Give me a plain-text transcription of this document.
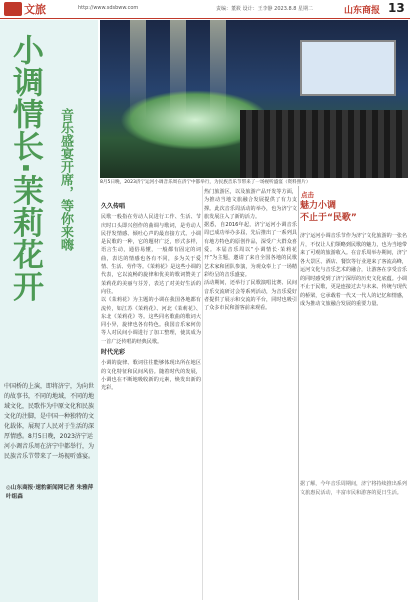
文旅	http://www.sdsbww.com	责编：董筱 设计：王李静 2023.8.8 星期二	山东商报 13
小调情长·茉莉花开	音乐盛宴开席，等你来嗨
中国桥的上演，即将济宁，为向世的故事书，不同的地域，不同的地域文化，民歌作为中原文化和民族文化的注脚，是中国一种独特的文化载体，展现了人民对于生活的深厚情感。8月5日晚，2023济宁运河小调音乐周在济宁中都举行，为民族音乐节带来了一场视听盛宴。
◎山东商报·速豹新闻网记者 朱雅萍 叶组森
8月5日晚，2023济宁运河小调音乐周在济宁中都举行，为民族音乐节带来了一场视听盛宴（资料照片）
久久传唱
民歌一般指在劳动人民进行工作、生活、节庆时口头即兴创作的曲调与歌词，是劳动人民抒发情感、倾吐心声的最直接方式。小调是民歌的一种，它的题材广泛，形式多样，语言生动，通俗易懂，一般都有固定的词曲，表达的情感也各有不同，多为关于爱情、生活、劳作等。《茉莉花》是这些小调的代表，它以流畅的旋律和优美的歌词赞美了茉莉花的美丽与芬芳，表达了对美好生活的向往。
以《茉莉花》为主题的小调在我国各地都有流传，如江苏《茉莉花》、河北《茉莉花》、东北《茉莉花》等。这些同名歌曲的歌词大同小异，旋律也各有特色。我国音乐家何仿等人对民间小调进行了加工整理，使其成为一首广泛传唱的经典民歌。
时代光彩
小调的旋律、歌词往往能够体现出所在地区的文化特征和民间风俗。随着时代的发展，小调也在不断地吸收新的元素，焕发出新的光彩。
热门旅游区，以及旅游产品开发等方面，为推动当地文旅融合发展提供了有力支撑。此次音乐周活动的举办，也为济宁文旅发展注入了新的活力。
据悉，自2016年起，济宁运河小调音乐周已成功举办多届，先后推出了一系列具有地方特色的原创作品，深受广大群众喜爱。本届音乐周以“小调情长·茉莉花开”为主题，邀请了来自全国各地的民歌艺术家和团队参演，为观众奉上了一场精彩纷呈的音乐盛宴。
活动期间，还举行了民歌演唱比赛、民间音乐交流研讨会等系列活动，为音乐爱好者提供了展示和交流的平台，同时也吸引了众多市民和游客前来观看。
点击
魅力小调
不止于“民歌”
济宁运河小调音乐节作为济宁文化旅游的一张名片，不仅让人们领略到民歌的魅力，也为当地带来了可观的旅游收入。在音乐周举办期间，济宁各大景区、酒店、餐饮等行业迎来了客流高峰，运河文化与音乐艺术的融合，让游客在享受音乐的同时感受到了济宁深厚的历史文化底蕴。小调不止于民歌，更是连接过去与未来、传统与现代的桥梁，它承载着一代又一代人的记忆和情感，成为推动文旅融合发展的重要力量。
据了解，今年音乐周期间，济宁将持续推出系列文旅惠民活动，丰富市民和游客的夏日生活。
